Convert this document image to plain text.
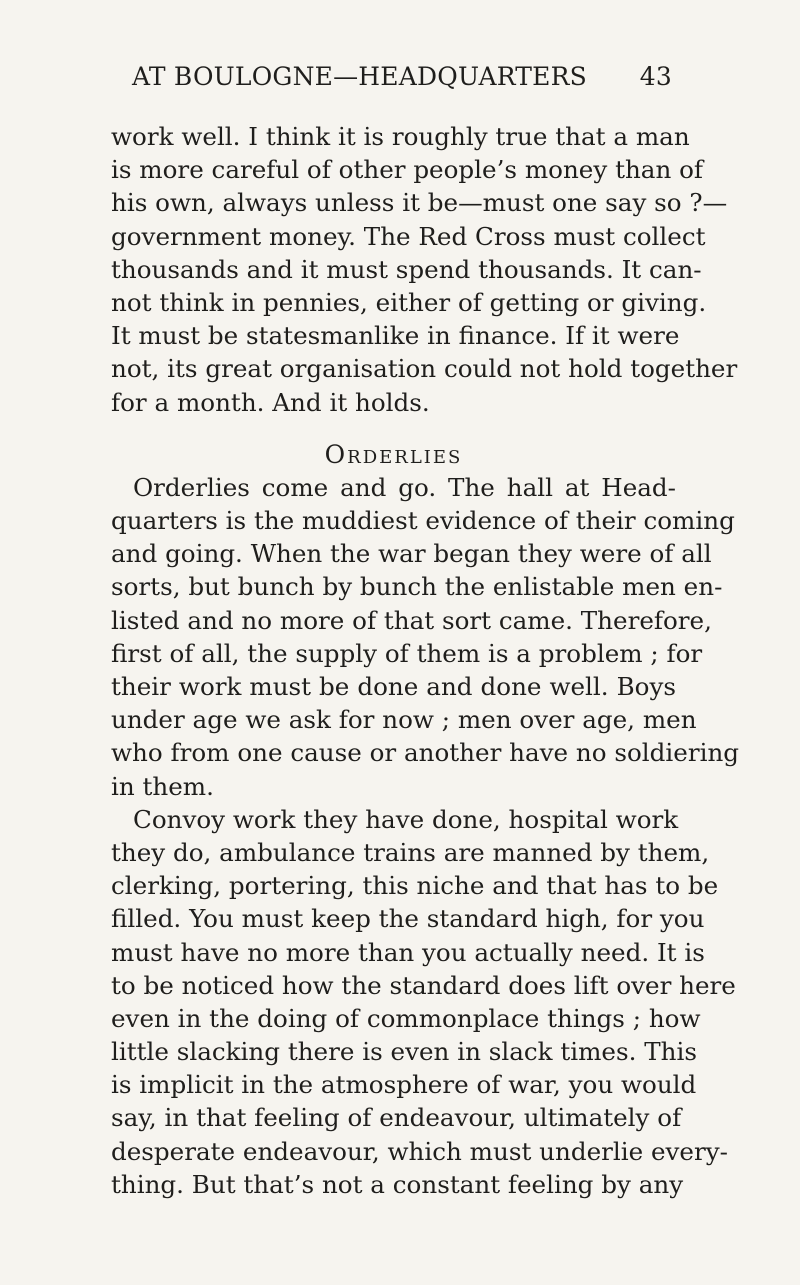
AT BOULOGNE—HEADQUARTERS 43
work well. I think it is roughly true that a man
is more careful of other people’s money than of
his own, always unless it be—must one say so ?—
government money. The Red Cross must collect
thousands and it must spend thousands. It can-
not think in pennies, either of getting or giving.
It must be statesmanlike in finance. If it were
not, its great organisation could not hold together
for a month. And it holds.
Orderlies
Orderlies come and go. The hall at Head-
quarters is the muddiest evidence of their coming
and going. When the war began they were of all
sorts, but bunch by bunch the enlistable men en-
listed and no more of that sort came. Therefore,
first of all, the supply of them is a problem ; for
their work must be done and done well. Boys
under age we ask for now ; men over age, men
who from one cause or another have no soldiering
in them.
Convoy work they have done, hospital work
they do, ambulance trains are manned by them,
clerking, portering, this niche and that has to be
filled. You must keep the standard high, for you
must have no more than you actually need. It is
to be noticed how the standard does lift over here
even in the doing of commonplace things ; how
little slacking there is even in slack times. This
is implicit in the atmosphere of war, you would
say, in that feeling of endeavour, ultimately of
desperate endeavour, which must underlie every-
thing. But that’s not a constant feeling by any
